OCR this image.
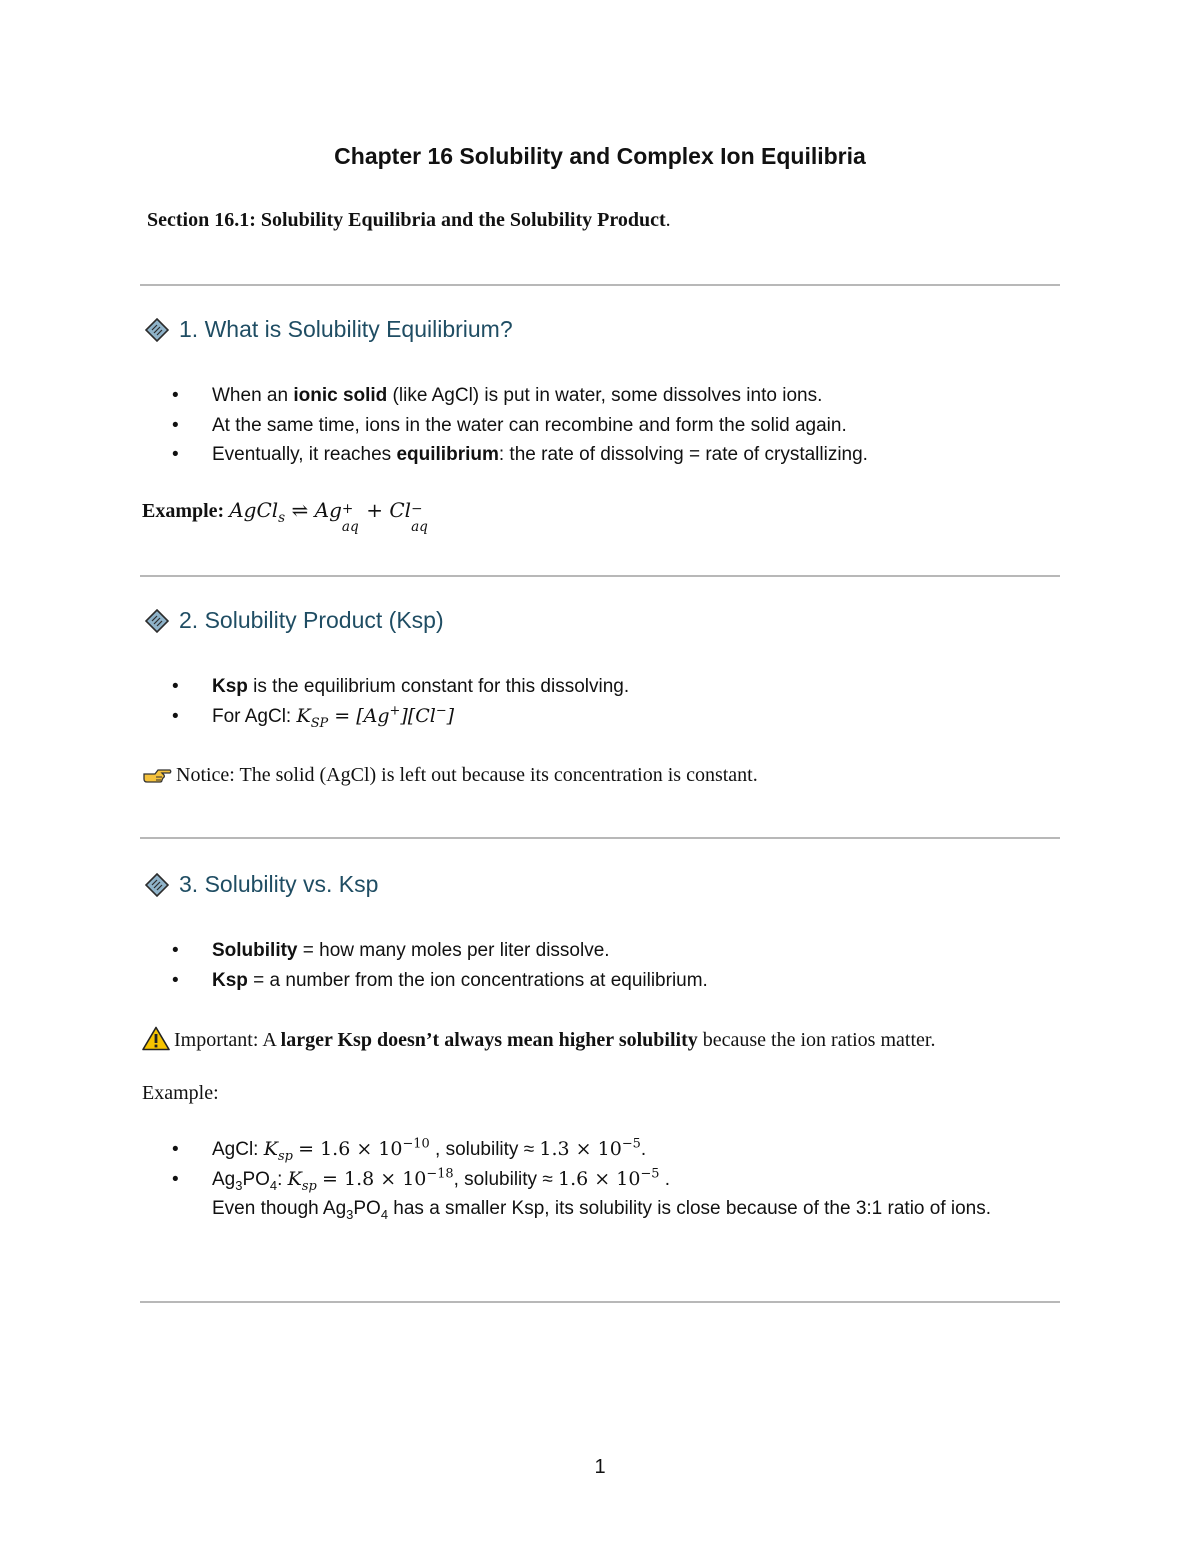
Chapter 16 Solubility and Complex Ion Equilibria
Section 16.1: Solubility Equilibria and the Solubility Product.
1. What is Solubility Equilibrium?
• When an ionic solid (like AgCl) is put in water, some dissolves into ions.
• At the same time, ions in the water can recombine and form the solid again.
• Eventually, it reaches equilibrium: the rate of dissolving = rate of crystallizing.
Example: AgCl$_s$ ⇌ Ag +
aq
+ Cl −
aq
2. Solubility Product (Ksp)
• Ksp is the equilibrium constant for this dissolving.
• For AgCl: $K_{SP} = [Ag^+][Cl^-]$
Notice: The solid (AgCl) is left out because its concentration is constant.
3. Solubility vs. Ksp
• Solubility = how many moles per liter dissolve.
• Ksp = a number from the ion concentrations at equilibrium.
Important: A larger Ksp doesn’t always mean higher solubility because the ion ratios matter.
Example:
• AgCl: $K_{sp} = 1.6 \times 10^{-10}$ , solubility ≈ $1.3 \times 10^{-5}$.
• $Ag_3PO_4$: $K_{sp} = 1.8 \times 10^{-18}$, solubility ≈ $1.6 \times 10^{-5}$ .
Even though $Ag_3PO_4$ has a smaller Ksp, its solubility is close because of the 3:1 ratio of ions.
1
